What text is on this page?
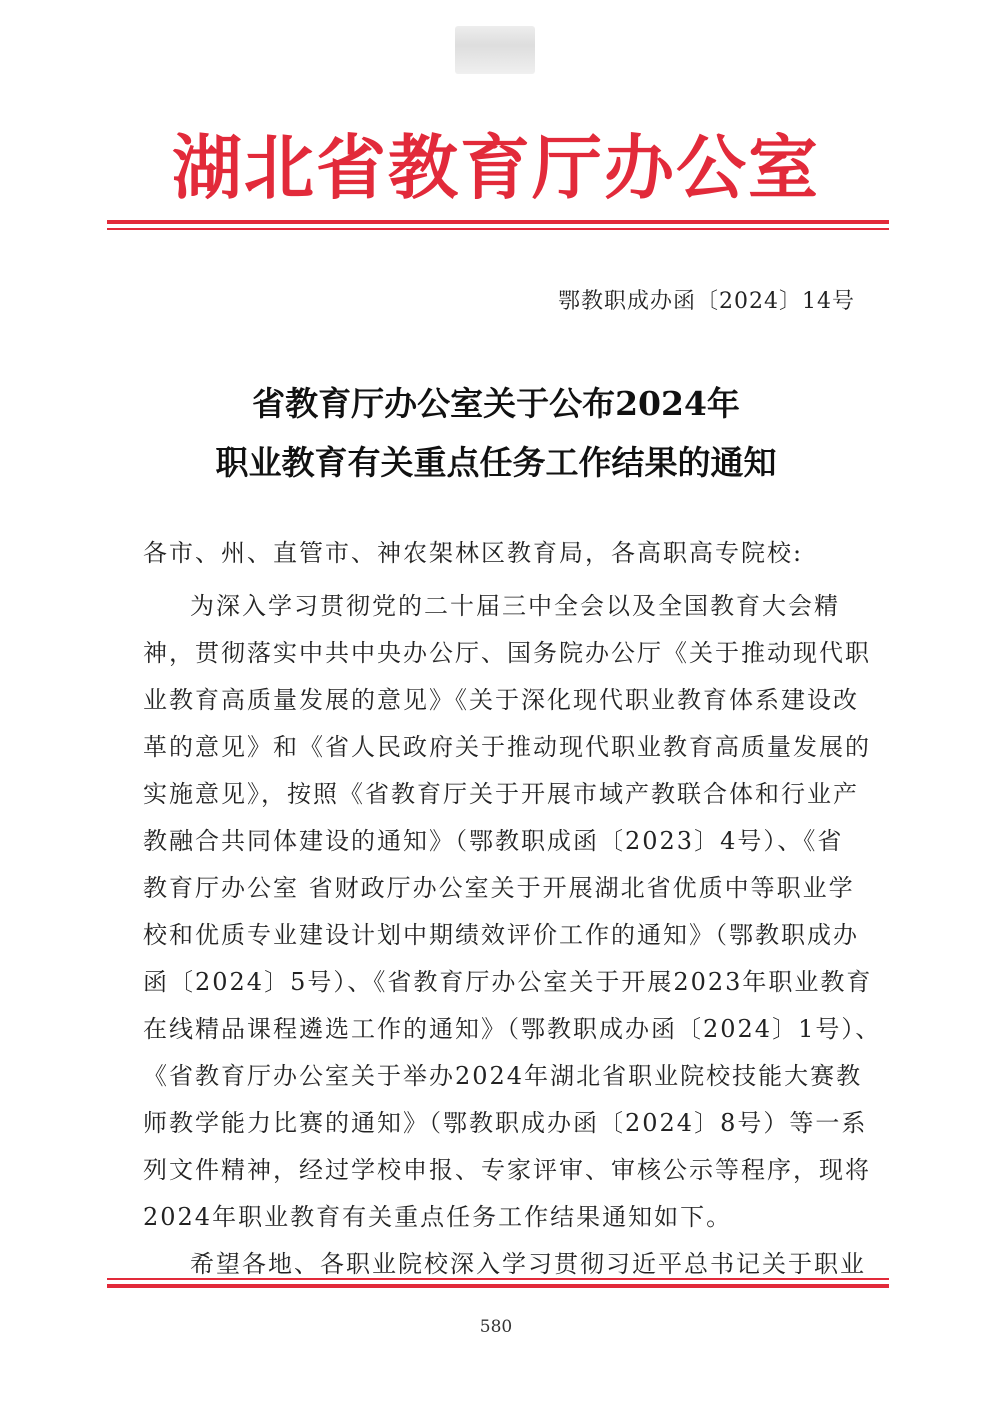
湖北省教育厅办公室
鄂教职成办函〔2024〕14号
省教育厅办公室关于公布2024年
职业教育有关重点任务工作结果的通知
各市、州、直管市、神农架林区教育局，各高职高专院校:
为深入学习贯彻党的二十届三中全会以及全国教育大会精
神，贯彻落实中共中央办公厅、国务院办公厅《关于推动现代职
业教育高质量发展的意见》《关于深化现代职业教育体系建设改
革的意见》和《省人民政府关于推动现代职业教育高质量发展的
实施意见》，按照《省教育厅关于开展市域产教联合体和行业产
教融合共同体建设的通知》（鄂教职成函〔2023〕4号）、《省
教育厅办公室 省财政厅办公室关于开展湖北省优质中等职业学
校和优质专业建设计划中期绩效评价工作的通知》（鄂教职成办
函〔2024〕5号）、《省教育厅办公室关于开展2023年职业教育
在线精品课程遴选工作的通知》（鄂教职成办函〔2024〕1号）、
《省教育厅办公室关于举办2024年湖北省职业院校技能大赛教
师教学能力比赛的通知》（鄂教职成办函〔2024〕8号）等一系
列文件精神，经过学校申报、专家评审、审核公示等程序，现将
2024年职业教育有关重点任务工作结果通知如下。
希望各地、各职业院校深入学习贯彻习近平总书记关于职业
580
